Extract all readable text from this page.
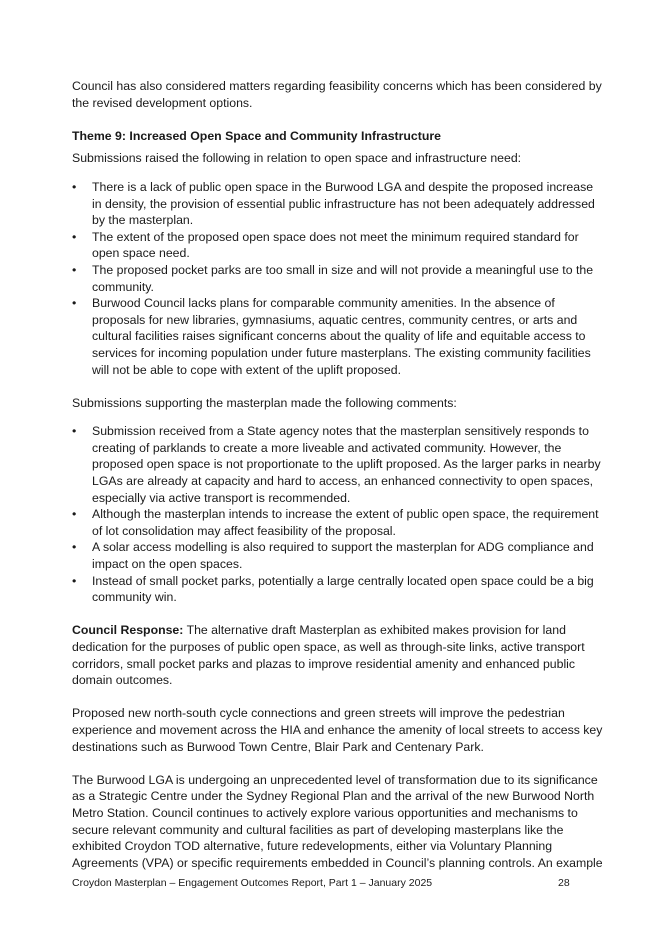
Council has also considered matters regarding feasibility concerns which has been considered by the revised development options.

Theme 9: Increased Open Space and Community Infrastructure

Submissions raised the following in relation to open space and infrastructure need:

•	There is a lack of public open space in the Burwood LGA and despite the proposed increase in density, the provision of essential public infrastructure has not been adequately addressed by the masterplan.
•	The extent of the proposed open space does not meet the minimum required standard for open space need.
•	The proposed pocket parks are too small in size and will not provide a meaningful use to the community.
•	Burwood Council lacks plans for comparable community amenities. In the absence of proposals for new libraries, gymnasiums, aquatic centres, community centres, or arts and cultural facilities raises significant concerns about the quality of life and equitable access to services for incoming population under future masterplans. The existing community facilities will not be able to cope with extent of the uplift proposed.

Submissions supporting the masterplan made the following comments:

•	Submission received from a State agency notes that the masterplan sensitively responds to creating of parklands to create a more liveable and activated community. However, the proposed open space is not proportionate to the uplift proposed. As the larger parks in nearby LGAs are already at capacity and hard to access, an enhanced connectivity to open spaces, especially via active transport is recommended.
•	Although the masterplan intends to increase the extent of public open space, the requirement of lot consolidation may affect feasibility of the proposal.
•	A solar access modelling is also required to support the masterplan for ADG compliance and impact on the open spaces.
•	Instead of small pocket parks, potentially a large centrally located open space could be a big community win.

Council Response: The alternative draft Masterplan as exhibited makes provision for land dedication for the purposes of public open space, as well as through-site links, active transport corridors, small pocket parks and plazas to improve residential amenity and enhanced public domain outcomes.

Proposed new north-south cycle connections and green streets will improve the pedestrian experience and movement across the HIA and enhance the amenity of local streets to access key destinations such as Burwood Town Centre, Blair Park and Centenary Park.

The Burwood LGA is undergoing an unprecedented level of transformation due to its significance as a Strategic Centre under the Sydney Regional Plan and the arrival of the new Burwood North Metro Station. Council continues to actively explore various opportunities and mechanisms to secure relevant community and cultural facilities as part of developing masterplans like the exhibited Croydon TOD alternative, future redevelopments, either via Voluntary Planning Agreements (VPA) or specific requirements embedded in Council’s planning controls. An example

Croydon Masterplan – Engagement Outcomes Report, Part 1 – January 2025	28
